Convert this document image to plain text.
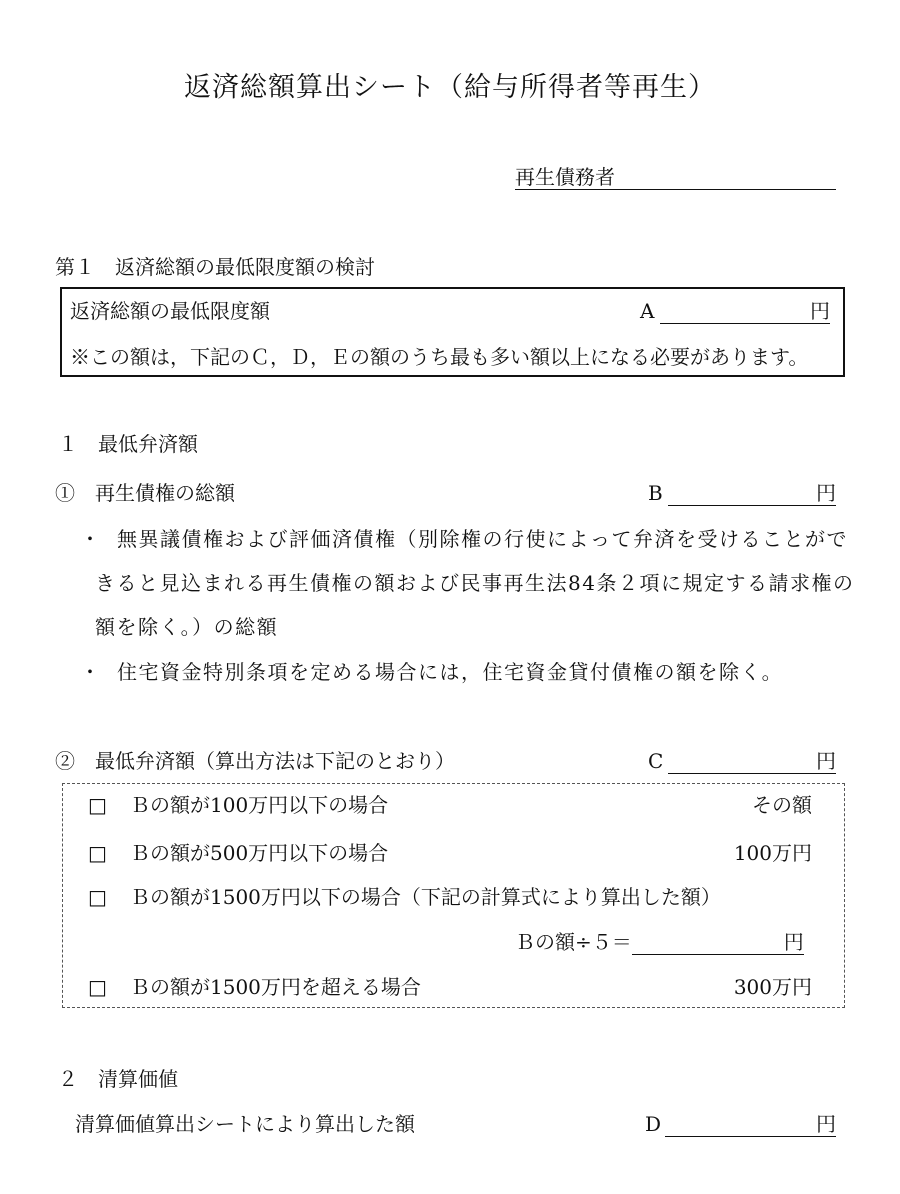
返済総額算出シート（給与所得者等再生）
再生債務者
第１　返済総額の最低限度額の検討
返済総額の最低限度額	A	円
※この額は，下記のＣ，Ｄ，Ｅの額のうち最も多い額以上になる必要があります。
１　最低弁済額
①　再生債権の総額	B	円
・ 無異議債権および評価済債権（別除権の行使によって弁済を受けることがで
きると見込まれる再生債権の額および民事再生法84条２項に規定する請求権の
額を除く。）の総額
・ 住宅資金特別条項を定める場合には，住宅資金貸付債権の額を除く。
②　最低弁済額（算出方法は下記のとおり）	C	円
□ Ｂの額が100万円以下の場合	その額
□ Ｂの額が500万円以下の場合	100万円
□ Ｂの額が1500万円以下の場合（下記の計算式により算出した額）
Ｂの額÷５＝	円
□ Ｂの額が1500万円を超える場合	300万円
２　清算価値
清算価値算出シートにより算出した額	D	円
